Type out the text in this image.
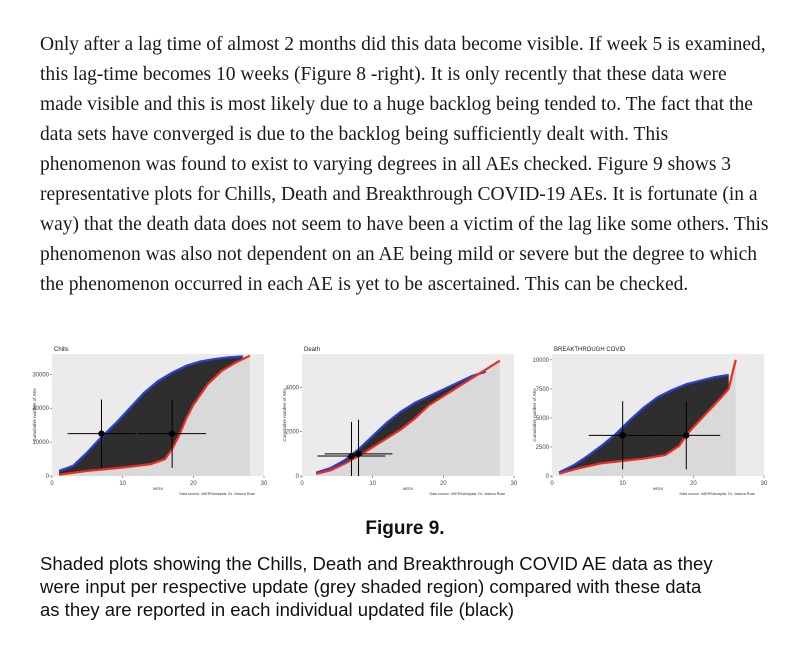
Only after a lag time of almost 2 months did this data become visible. If week 5 is examined,
this lag-time becomes 10 weeks (Figure 8 -right). It is only recently that these data were
made visible and this is most likely due to a huge backlog being tended to. The fact that the
data sets have converged is due to the backlog being sufficiently dealt with. This
phenomenon was found to exist to varying degrees in all AEs checked. Figure 9 shows 3
representative plots for Chills, Death and Breakthrough COVID-19 AEs. It is fortunate (in a
way) that the death data does not seem to have been a victim of the lag like some others. This
phenomenon was also not dependent on an AE being mild or severe but the degree to which
the phenomenon occurred in each AE is yet to be ascertained. This can be checked.
Chills
0
10000
20000
30000
0	10	20	30
WEEK
Cumulative number of AEs
Data source: VAERSAnalysis: Dr. Jessica Rose
Death
0
2000
4000
0	10	20	30
WEEK
Cumulative number of AEs
Data source: VAERSAnalysis: Dr. Jessica Rose
BREAKTHROUGH COVID
0
2500
5000
7500
10000
0	10	20	30
WEEK
Cumulative number of AEs
Data source: VAERSAnalysis: Dr. Jessica Rose
Figure 9.
Shaded plots showing the Chills, Death and Breakthrough COVID AE data as they
were input per respective update (grey shaded region) compared with these data
as they are reported in each individual updated file (black)
